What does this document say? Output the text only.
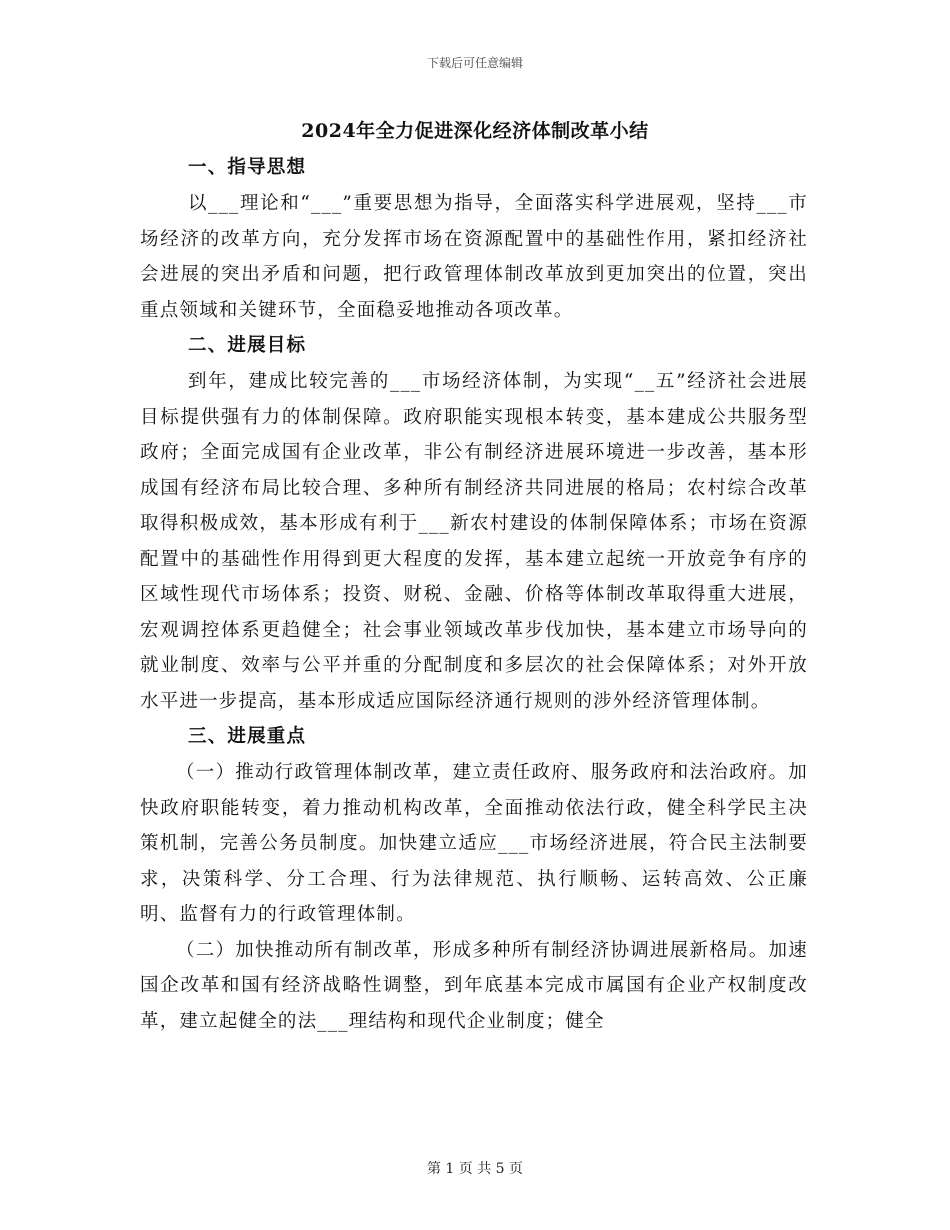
下载后可任意编辑
2024年全力促进深化经济体制改革小结
一、指导思想

以___理论和“___”重要思想为指导，全面落实科学进展观，坚持___市场经济的改革方向，充分发挥市场在资源配置中的基础性作用，紧扣经济社会进展的突出矛盾和问题，把行政管理体制改革放到更加突出的位置，突出重点领域和关键环节，全面稳妥地推动各项改革。

二、进展目标

到年，建成比较完善的___市场经济体制，为实现“__五”经济社会进展目标提供强有力的体制保障。政府职能实现根本转变，基本建成公共服务型政府；全面完成国有企业改革，非公有制经济进展环境进一步改善，基本形成国有经济布局比较合理、多种所有制经济共同进展的格局；农村综合改革取得积极成效，基本形成有利于___新农村建设的体制保障体系；市场在资源配置中的基础性作用得到更大程度的发挥，基本建立起统一开放竞争有序的区域性现代市场体系；投资、财税、金融、价格等体制改革取得重大进展，宏观调控体系更趋健全；社会事业领域改革步伐加快，基本建立市场导向的就业制度、效率与公平并重的分配制度和多层次的社会保障体系；对外开放水平进一步提高，基本形成适应国际经济通行规则的涉外经济管理体制。

三、进展重点

（一）推动行政管理体制改革，建立责任政府、服务政府和法治政府。加快政府职能转变，着力推动机构改革，全面推动依法行政，健全科学民主决策机制，完善公务员制度。加快建立适应___市场经济进展，符合民主法制要求，决策科学、分工合理、行为法律规范、执行顺畅、运转高效、公正廉明、监督有力的行政管理体制。

（二）加快推动所有制改革，形成多种所有制经济协调进展新格局。加速国企改革和国有经济战略性调整，到年底基本完成市属国有企业产权制度改革，建立起健全的法___理结构和现代企业制度；健全

第 1 页 共 5 页
